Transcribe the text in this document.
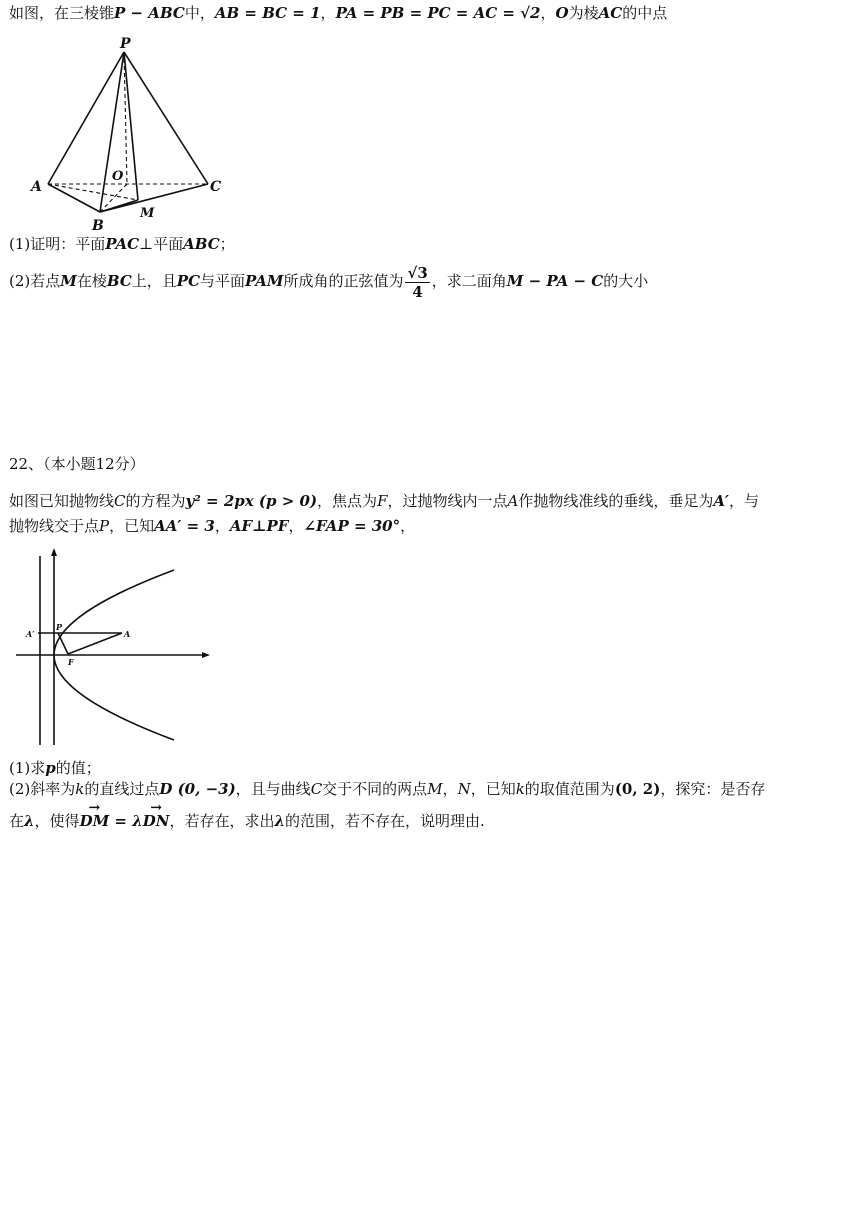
如图，在三棱锥P − ABC中，AB = BC = 1，PA = PB = PC = AC = √2，O为棱AC的中点
P
O
A	C
B
M
(1)证明：平面PAC⊥平面ABC；
(2)若点M在棱BC上，且PC与平面PAM所成角的正弦值为 $\frac{√3}{4}$ ，求二面角M − PA − C的大小
22、（本小题12分）
如图已知抛物线C的方程为y² = 2px (p > 0)，焦点为F，过抛物线内一点A作抛物线准线的垂线，垂足为A′，与
抛物线交于点P，已知AA′ = 3，AF⊥PF，∠FAP = 30°，
A′
P
A
F
(1)求p的值；
(2)斜率为k的直线过点D (0, −3)，且与曲线C交于不同的两点M，N，已知k的取值范围为(0, 2)，探究：是否存
在λ，使得→ DM = λ→ DN，若存在，求出λ的范围，若不存在，说明理由.
